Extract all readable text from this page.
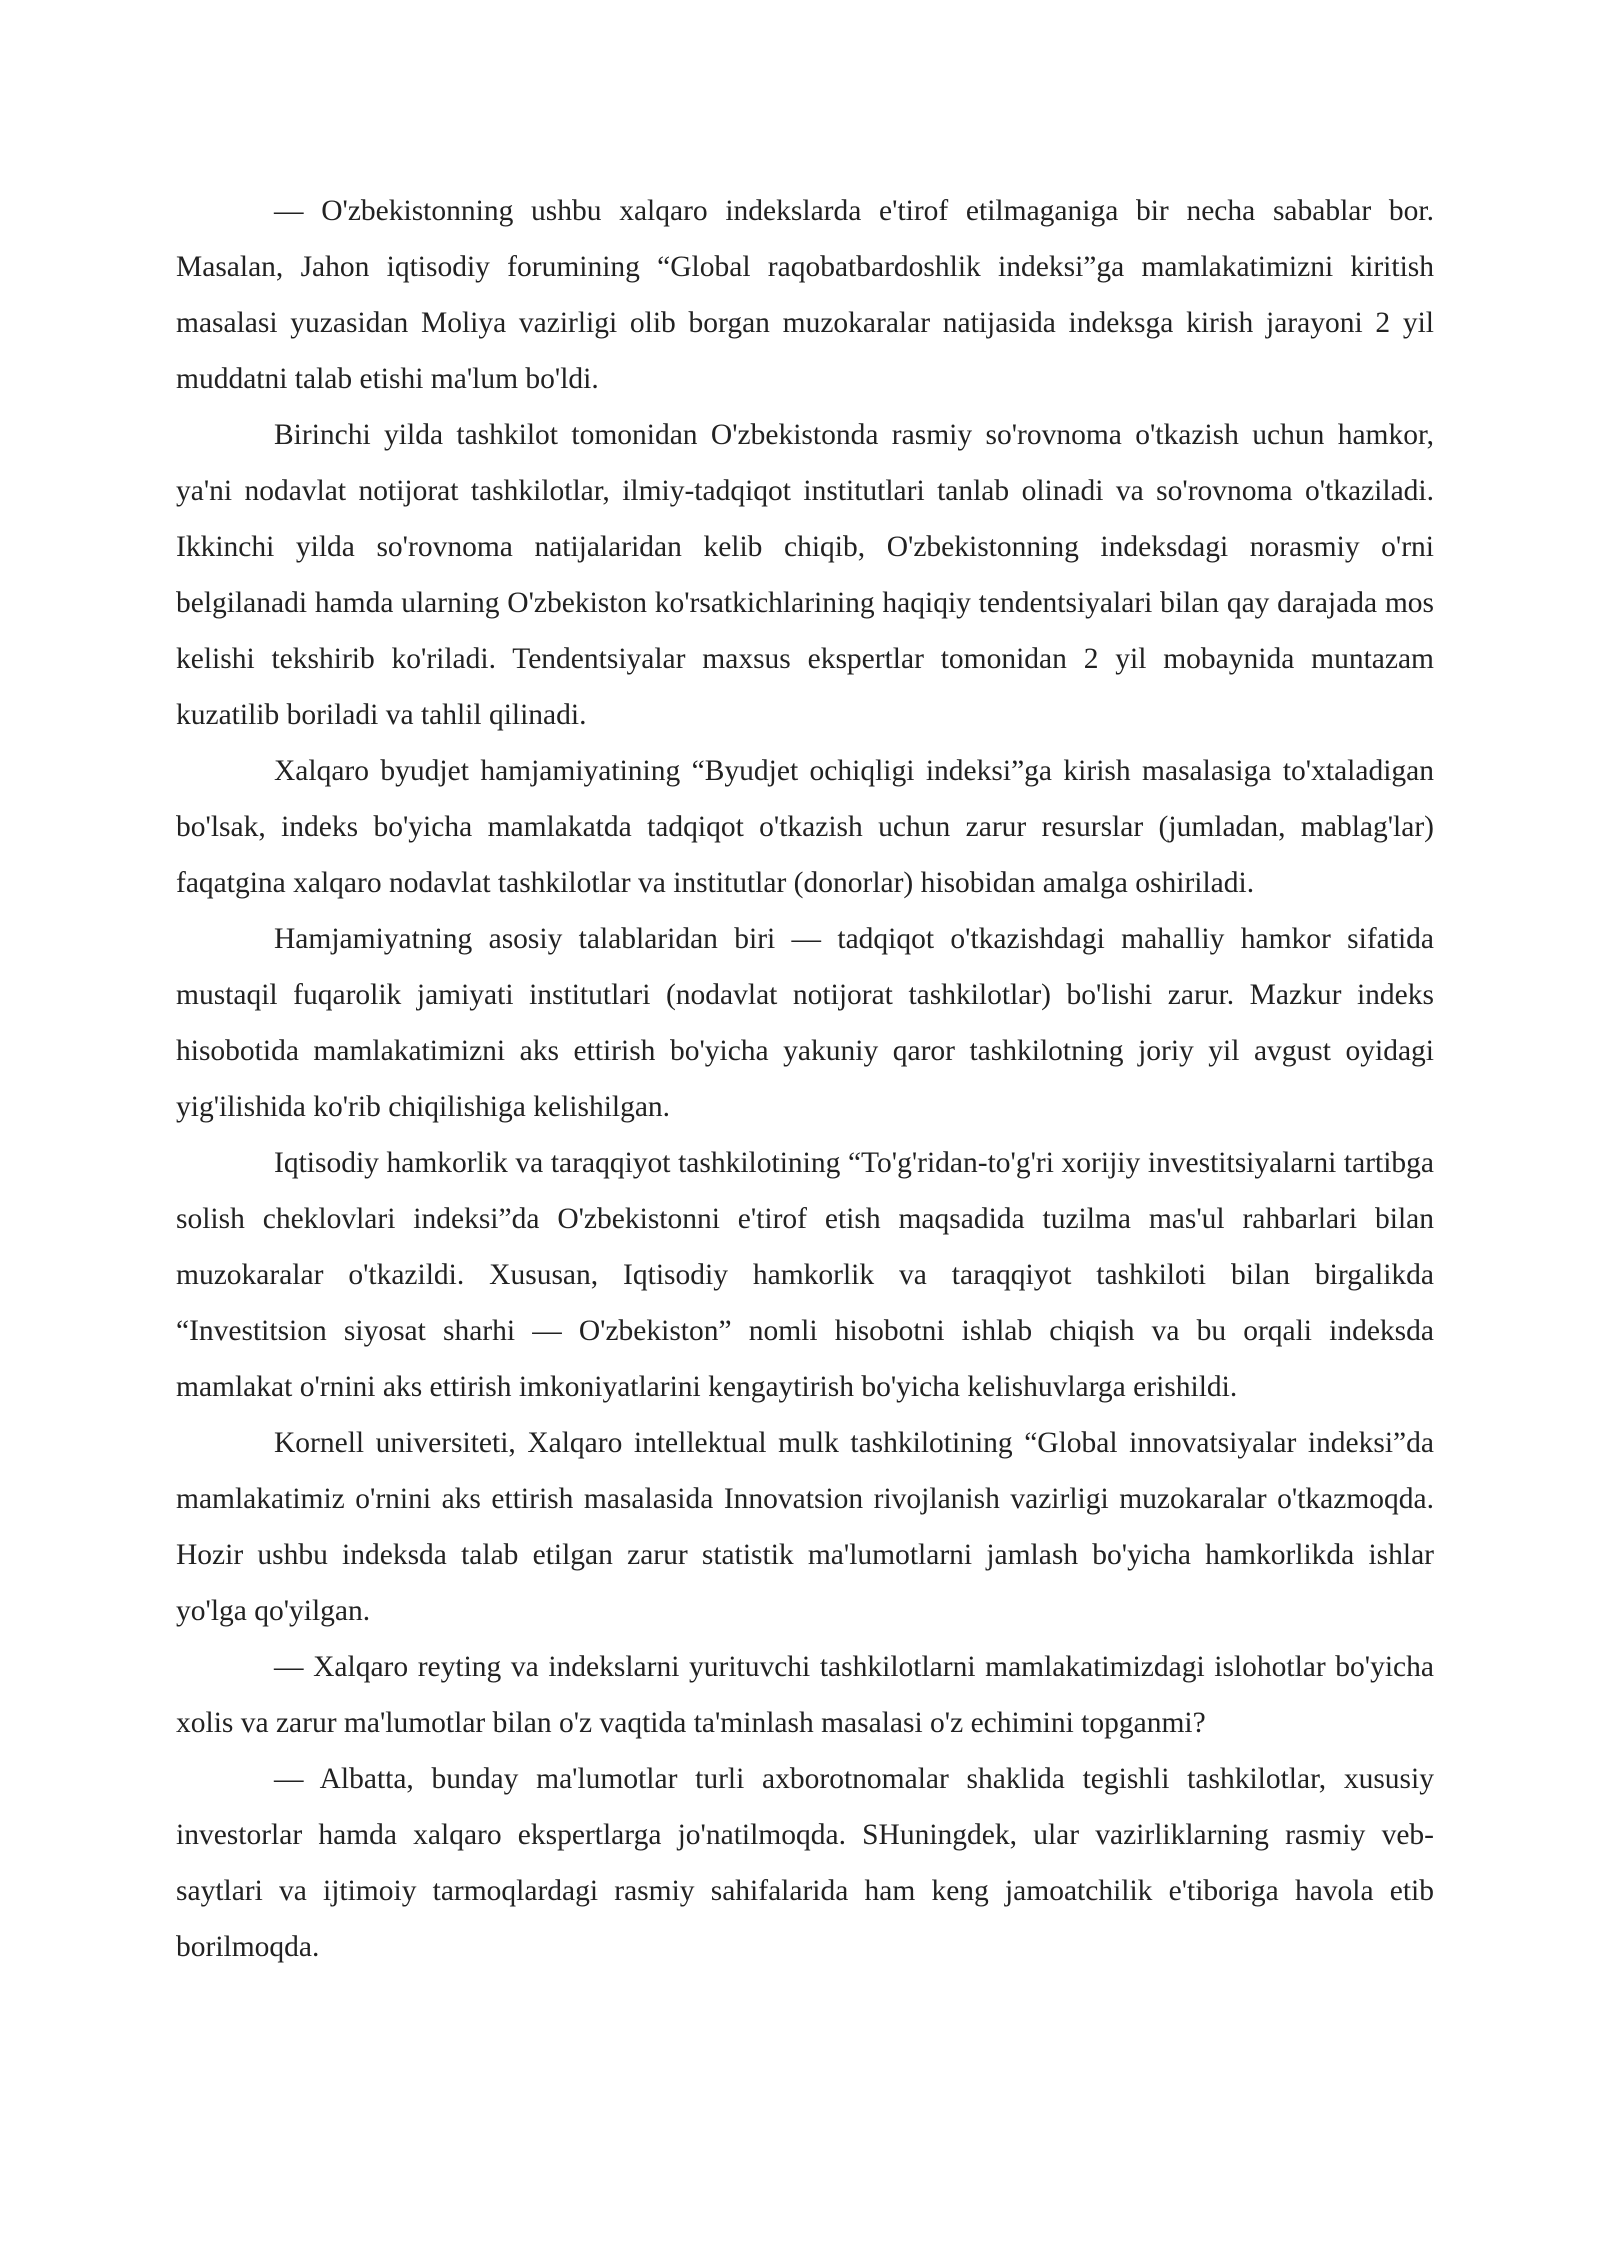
— O'zbekistonning ushbu xalqaro indekslarda e'tirof etilmaganiga bir necha sabablar bor. Masalan, Jahon iqtisodiy forumining “Global raqobatbardoshlik indeksi”ga mamlakatimizni kiritish masalasi yuzasidan Moliya vazirligi olib borgan muzokaralar natijasida indeksga kirish jarayoni 2 yil muddatni talab etishi ma'lum bo'ldi.

Birinchi yilda tashkilot tomonidan O'zbekistonda rasmiy so'rovnoma o'tkazish uchun hamkor, ya'ni nodavlat notijorat tashkilotlar, ilmiy-tadqiqot institutlari tanlab olinadi va so'rovnoma o'tkaziladi. Ikkinchi yilda so'rovnoma natijalaridan kelib chiqib, O'zbekistonning indeksdagi norasmiy o'rni belgilanadi hamda ularning O'zbekiston ko'rsatkichlarining haqiqiy tendentsiyalari bilan qay darajada mos kelishi tekshirib ko'riladi. Tendentsiyalar maxsus ekspertlar tomonidan 2 yil mobaynida muntazam kuzatilib boriladi va tahlil qilinadi.

Xalqaro byudjet hamjamiyatining “Byudjet ochiqligi indeksi”ga kirish masalasiga to'xtaladigan bo'lsak, indeks bo'yicha mamlakatda tadqiqot o'tkazish uchun zarur resurslar (jumladan, mablag'lar) faqatgina xalqaro nodavlat tashkilotlar va institutlar (donorlar) hisobidan amalga oshiriladi.

Hamjamiyatning asosiy talablaridan biri — tadqiqot o'tkazishdagi mahalliy hamkor sifatida mustaqil fuqarolik jamiyati institutlari (nodavlat notijorat tashkilotlar) bo'lishi zarur. Mazkur indeks hisobotida mamlakatimizni aks ettirish bo'yicha yakuniy qaror tashkilotning joriy yil avgust oyidagi yig'ilishida ko'rib chiqilishiga kelishilgan.

Iqtisodiy hamkorlik va taraqqiyot tashkilotining “To'g'ridan-to'g'ri xorijiy investitsiyalarni tartibga solish cheklovlari indeksi”da O'zbekistonni e'tirof etish maqsadida tuzilma mas'ul rahbarlari bilan muzokaralar o'tkazildi. Xususan, Iqtisodiy hamkorlik va taraqqiyot tashkiloti bilan birgalikda “Investitsion siyosat sharhi — O'zbekiston” nomli hisobotni ishlab chiqish va bu orqali indeksda mamlakat o'rnini aks ettirish imkoniyatlarini kengaytirish bo'yicha kelishuvlarga erishildi.

Kornell universiteti, Xalqaro intellektual mulk tashkilotining “Global innovatsiyalar indeksi”da mamlakatimiz o'rnini aks ettirish masalasida Innovatsion rivojlanish vazirligi muzokaralar o'tkazmoqda. Hozir ushbu indeksda talab etilgan zarur statistik ma'lumotlarni jamlash bo'yicha hamkorlikda ishlar yo'lga qo'yilgan.

— Xalqaro reyting va indekslarni yurituvchi tashkilotlarni mamlakatimizdagi islohotlar bo'yicha xolis va zarur ma'lumotlar bilan o'z vaqtida ta'minlash masalasi o'z echimini topganmi?

— Albatta, bunday ma'lumotlar turli axborotnomalar shaklida tegishli tashkilotlar, xususiy investorlar hamda xalqaro ekspertlarga jo'natilmoqda. SHuningdek, ular vazirliklarning rasmiy veb-saytlari va ijtimoiy tarmoqlardagi rasmiy sahifalarida ham keng jamoatchilik e'tiboriga havola etib borilmoqda.
